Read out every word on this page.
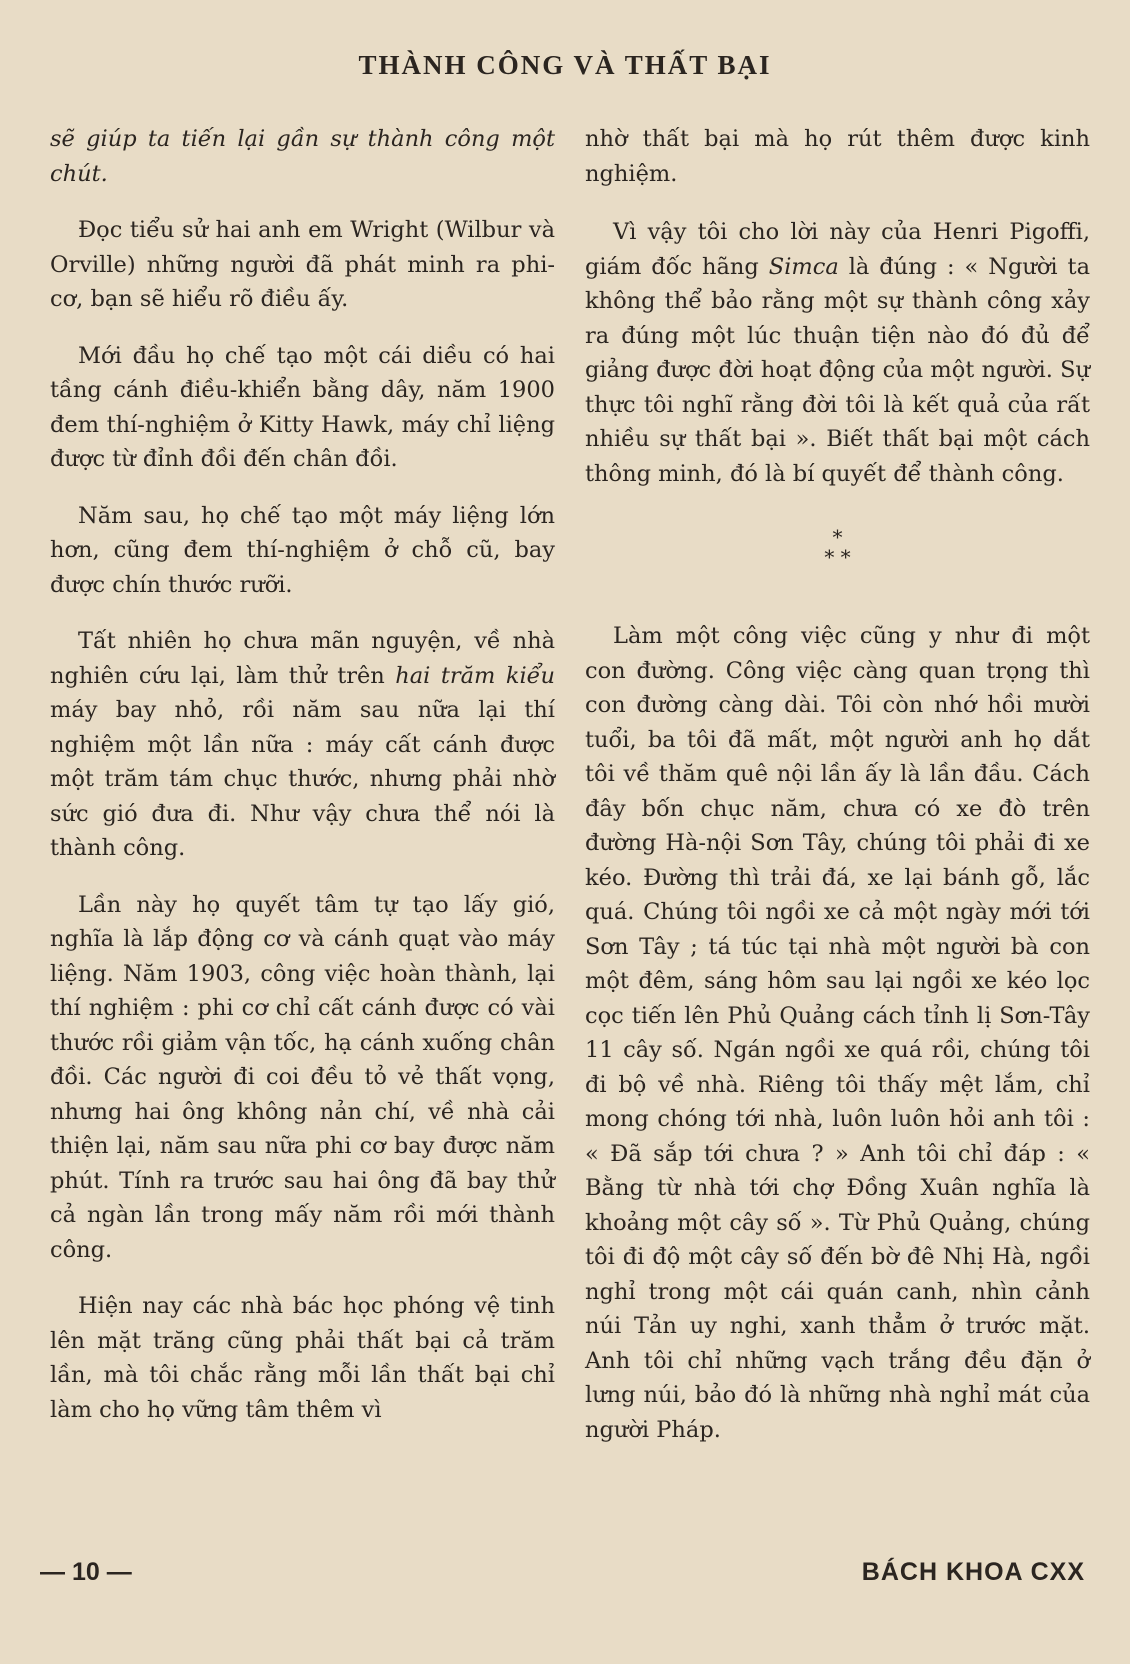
THÀNH CÔNG VÀ THẤT BẠI

sẽ giúp ta tiến lại gần sự thành công một chút.

Đọc tiểu sử hai anh em Wright (Wilbur và Orville) những người đã phát minh ra phi-cơ, bạn sẽ hiểu rõ điều ấy.

Mới đầu họ chế tạo một cái diều có hai tầng cánh điều-khiển bằng dây, năm 1900 đem thí-nghiệm ở Kitty Hawk, máy chỉ liệng được từ đỉnh đồi đến chân đồi.

Năm sau, họ chế tạo một máy liệng lớn hơn, cũng đem thí-nghiệm ở chỗ cũ, bay được chín thước rưỡi.

Tất nhiên họ chưa mãn nguyện, về nhà nghiên cứu lại, làm thử trên hai trăm kiểu máy bay nhỏ, rồi năm sau nữa lại thí nghiệm một lần nữa : máy cất cánh được một trăm tám chục thước, nhưng phải nhờ sức gió đưa đi. Như vậy chưa thể nói là thành công.

Lần này họ quyết tâm tự tạo lấy gió, nghĩa là lắp động cơ và cánh quạt vào máy liệng. Năm 1903, công việc hoàn thành, lại thí nghiệm : phi cơ chỉ cất cánh được có vài thước rồi giảm vận tốc, hạ cánh xuống chân đồi. Các người đi coi đều tỏ vẻ thất vọng, nhưng hai ông không nản chí, về nhà cải thiện lại, năm sau nữa phi cơ bay được năm phút. Tính ra trước sau hai ông đã bay thử cả ngàn lần trong mấy năm rồi mới thành công.

Hiện nay các nhà bác học phóng vệ tinh lên mặt trăng cũng phải thất bại cả trăm lần, mà tôi chắc rằng mỗi lần thất bại chỉ làm cho họ vững tâm thêm vì

nhờ thất bại mà họ rút thêm được kinh nghiệm.

Vì vậy tôi cho lời này của Henri Pigoffi, giám đốc hãng Simca là đúng : « Người ta không thể bảo rằng một sự thành công xảy ra đúng một lúc thuận tiện nào đó đủ để giảng được đời hoạt động của một người. Sự thực tôi nghĩ rằng đời tôi là kết quả của rất nhiều sự thất bại ». Biết thất bại một cách thông minh, đó là bí quyết để thành công.

*
* *

Làm một công việc cũng y như đi một con đường. Công việc càng quan trọng thì con đường càng dài. Tôi còn nhớ hồi mười tuổi, ba tôi đã mất, một người anh họ dắt tôi về thăm quê nội lần ấy là lần đầu. Cách đây bốn chục năm, chưa có xe đò trên đường Hà-nội Sơn Tây, chúng tôi phải đi xe kéo. Đường thì trải đá, xe lại bánh gỗ, lắc quá. Chúng tôi ngồi xe cả một ngày mới tới Sơn Tây ; tá túc tại nhà một người bà con một đêm, sáng hôm sau lại ngồi xe kéo lọc cọc tiến lên Phủ Quảng cách tỉnh lị Sơn-Tây 11 cây số. Ngán ngồi xe quá rồi, chúng tôi đi bộ về nhà. Riêng tôi thấy mệt lắm, chỉ mong chóng tới nhà, luôn luôn hỏi anh tôi : « Đã sắp tới chưa ? » Anh tôi chỉ đáp : « Bằng từ nhà tới chợ Đồng Xuân nghĩa là khoảng một cây số ». Từ Phủ Quảng, chúng tôi đi độ một cây số đến bờ đê Nhị Hà, ngồi nghỉ trong một cái quán canh, nhìn cảnh núi Tản uy nghi, xanh thẳm ở trước mặt. Anh tôi chỉ những vạch trắng đều đặn ở lưng núi, bảo đó là những nhà nghỉ mát của người Pháp.

— 10 —	BÁCH KHOA CXX
